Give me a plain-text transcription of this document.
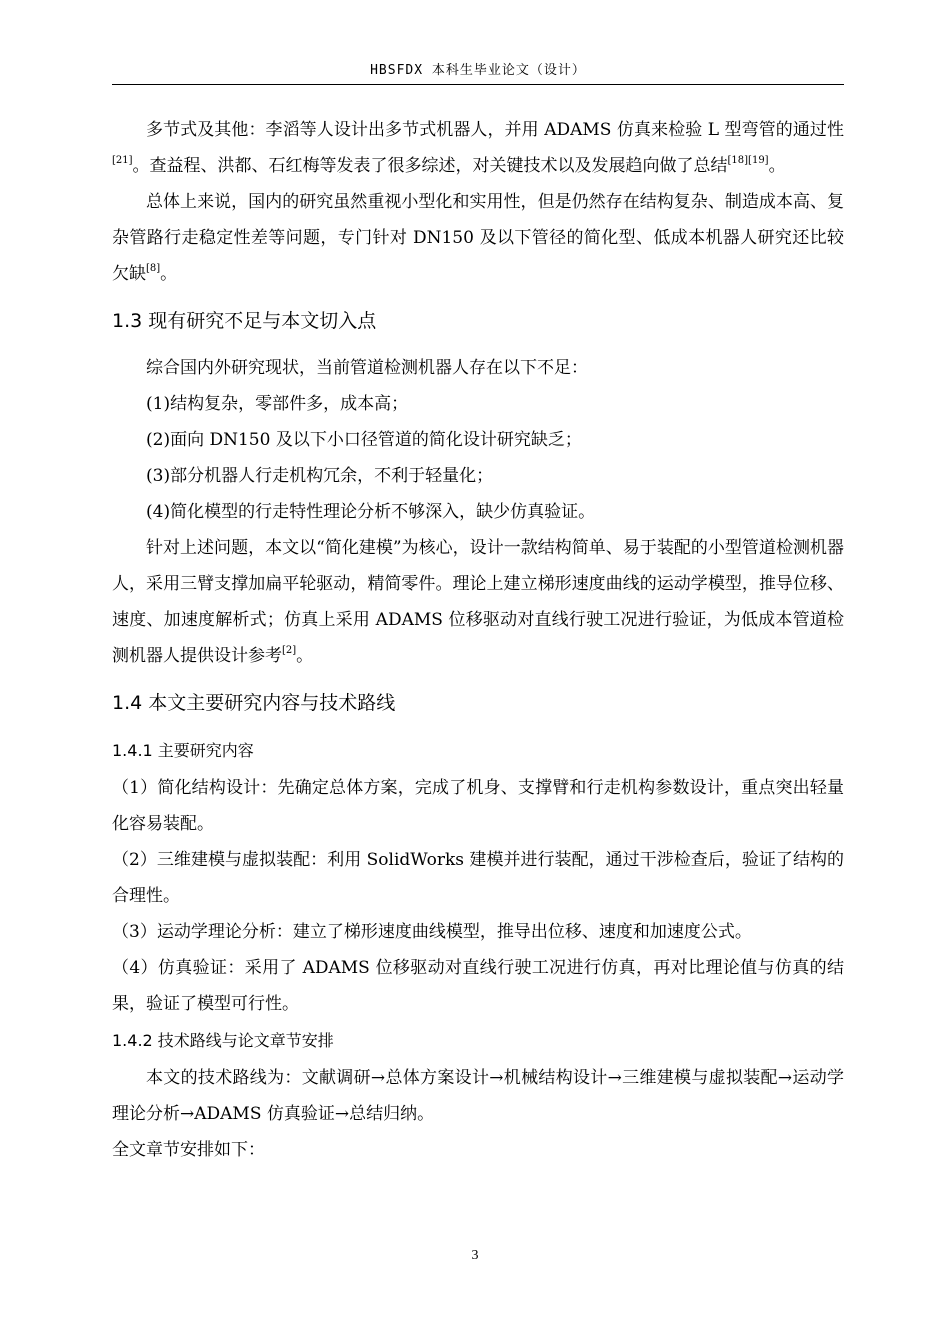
HBSFDX 本科生毕业论文（设计）

多节式及其他：李滔等人设计出多节式机器人，并用 ADAMS 仿真来检验 L 型弯管的通过性[21]。查益程、洪都、石红梅等发表了很多综述，对关键技术以及发展趋向做了总结[18][19]。

总体上来说，国内的研究虽然重视小型化和实用性，但是仍然存在结构复杂、制造成本高、复杂管路行走稳定性差等问题，专门针对 DN150 及以下管径的简化型、低成本机器人研究还比较欠缺[8]。

1.3 现有研究不足与本文切入点

综合国内外研究现状，当前管道检测机器人存在以下不足：

(1)结构复杂，零部件多，成本高；

(2)面向 DN150 及以下小口径管道的简化设计研究缺乏；

(3)部分机器人行走机构冗余，不利于轻量化；

(4)简化模型的行走特性理论分析不够深入，缺少仿真验证。

针对上述问题，本文以“简化建模”为核心，设计一款结构简单、易于装配的小型管道检测机器人，采用三臂支撑加扁平轮驱动，精简零件。理论上建立梯形速度曲线的运动学模型，推导位移、速度、加速度解析式；仿真上采用 ADAMS 位移驱动对直线行驶工况进行验证，为低成本管道检测机器人提供设计参考[2]。

1.4 本文主要研究内容与技术路线
1.4.1 主要研究内容

（1）简化结构设计：先确定总体方案，完成了机身、支撑臂和行走机构参数设计，重点突出轻量化容易装配。

（2）三维建模与虚拟装配：利用 SolidWorks 建模并进行装配，通过干涉检查后，验证了结构的合理性。

（3）运动学理论分析：建立了梯形速度曲线模型，推导出位移、速度和加速度公式。

（4）仿真验证：采用了 ADAMS 位移驱动对直线行驶工况进行仿真，再对比理论值与仿真的结果，验证了模型可行性。

1.4.2 技术路线与论文章节安排

本文的技术路线为：文献调研→总体方案设计→机械结构设计→三维建模与虚拟装配→运动学理论分析→ADAMS 仿真验证→总结归纳。

全文章节安排如下：

3
